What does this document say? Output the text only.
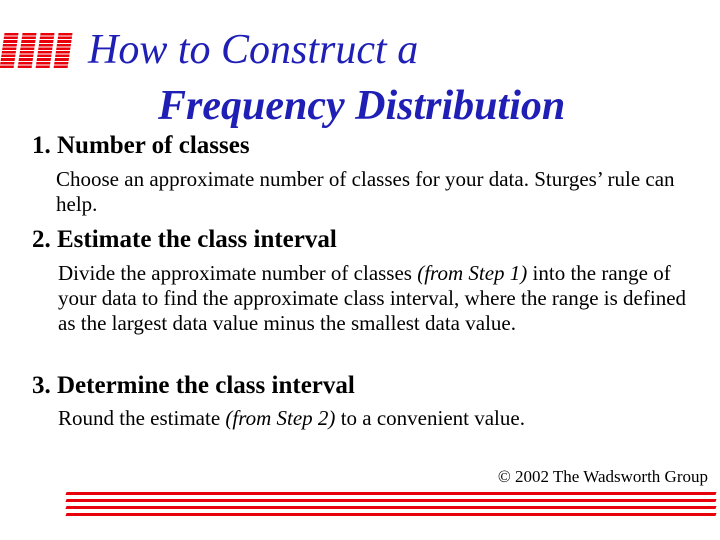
How to Construct a
Frequency Distribution
1. Number of classes
Choose an approximate number of classes for your data. Sturges’ rule can help.
2. Estimate the class interval
Divide the approximate number of classes (from Step 1) into the range of your data to find the approximate class interval, where the range is defined as the largest data value minus the smallest data value.
3. Determine the class interval
Round the estimate (from Step 2) to a convenient value.
© 2002 The Wadsworth Group
